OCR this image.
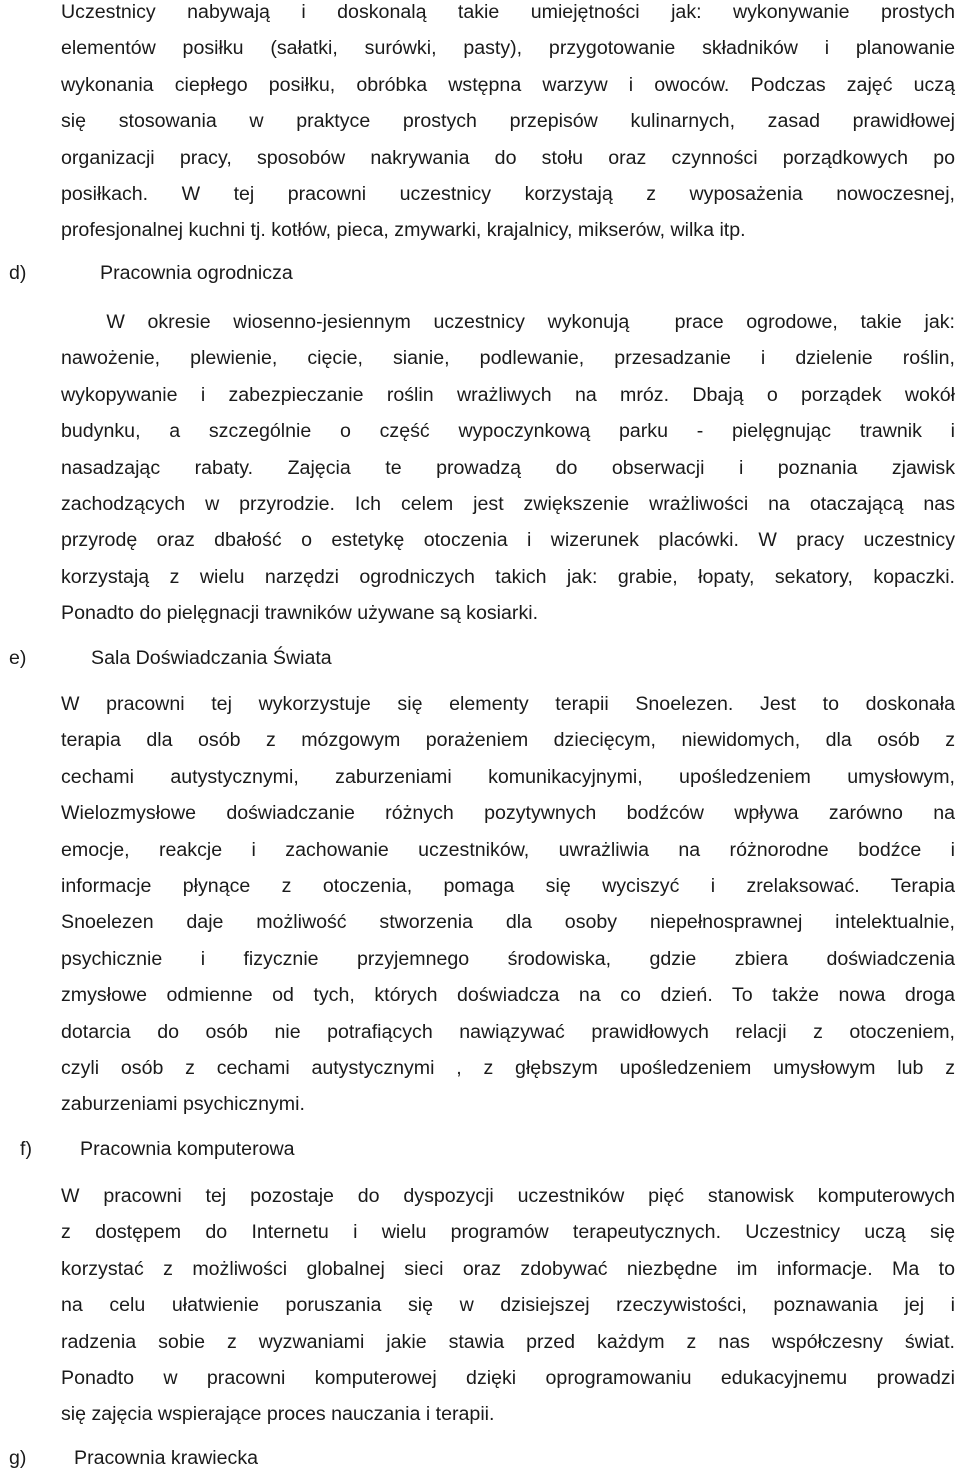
Uczestnicy nabywają i doskonalą takie umiejętności jak: wykonywanie prostych
elementów posiłku (sałatki, surówki, pasty), przygotowanie składników i planowanie
wykonania ciepłego posiłku, obróbka wstępna warzyw i owoców. Podczas zajęć uczą
się stosowania w praktyce prostych przepisów kulinarnych, zasad prawidłowej
organizacji pracy, sposobów nakrywania do stołu oraz czynności porządkowych po
posiłkach. W tej pracowni uczestnicy korzystają z wyposażenia nowoczesnej,
profesjonalnej kuchni tj. kotłów, pieca, zmywarki, krajalnicy, mikserów, wilka itp.
d)	Pracownia ogrodnicza
W okresie wiosenno-jesiennym uczestnicy wykonują  prace ogrodowe, takie jak:
nawożenie, plewienie, cięcie, sianie, podlewanie, przesadzanie i dzielenie roślin,
wykopywanie i zabezpieczanie roślin wrażliwych na mróz. Dbają o porządek wokół
budynku, a szczególnie o część wypoczynkową parku - pielęgnując trawnik i
nasadzając rabaty. Zajęcia te prowadzą do obserwacji i poznania zjawisk
zachodzących w przyrodzie. Ich celem jest zwiększenie wrażliwości na otaczającą nas
przyrodę oraz dbałość o estetykę otoczenia i wizerunek placówki. W pracy uczestnicy
korzystają z wielu narzędzi ogrodniczych takich jak: grabie, łopaty, sekatory, kopaczki.
Ponadto do pielęgnacji trawników używane są kosiarki.
e)	Sala Doświadczania Świata
W pracowni tej wykorzystuje się elementy terapii Snoelezen. Jest to doskonała
terapia dla osób z mózgowym porażeniem dziecięcym, niewidomych, dla osób z
cechami autystycznymi, zaburzeniami komunikacyjnymi, upośledzeniem umysłowym,
Wielozmysłowe doświadczanie różnych pozytywnych bodźców wpływa zarówno na
emocje, reakcje i zachowanie uczestników, uwrażliwia na różnorodne bodźce i
informacje płynące z otoczenia, pomaga się wyciszyć i zrelaksować. Terapia
Snoelezen daje możliwość stworzenia dla osoby niepełnosprawnej intelektualnie,
psychicznie i fizycznie przyjemnego środowiska, gdzie zbiera doświadczenia
zmysłowe odmienne od tych, których doświadcza na co dzień. To także nowa droga
dotarcia do osób nie potrafiących nawiązywać prawidłowych relacji z otoczeniem,
czyli osób z cechami autystycznymi , z głębszym upośledzeniem umysłowym lub z
zaburzeniami psychicznymi.
f) Pracownia komputerowa
W pracowni tej pozostaje do dyspozycji uczestników pięć stanowisk komputerowych
z dostępem do Internetu i wielu programów terapeutycznych. Uczestnicy uczą się
korzystać z możliwości globalnej sieci oraz zdobywać niezbędne im informacje. Ma to
na celu ułatwienie poruszania się w dzisiejszej rzeczywistości, poznawania jej i
radzenia sobie z wyzwaniami jakie stawia przed każdym z nas współczesny świat.
Ponadto w pracowni komputerowej dzięki oprogramowaniu edukacyjnemu prowadzi
się zajęcia wspierające proces nauczania i terapii.
g) Pracownia krawiecka
